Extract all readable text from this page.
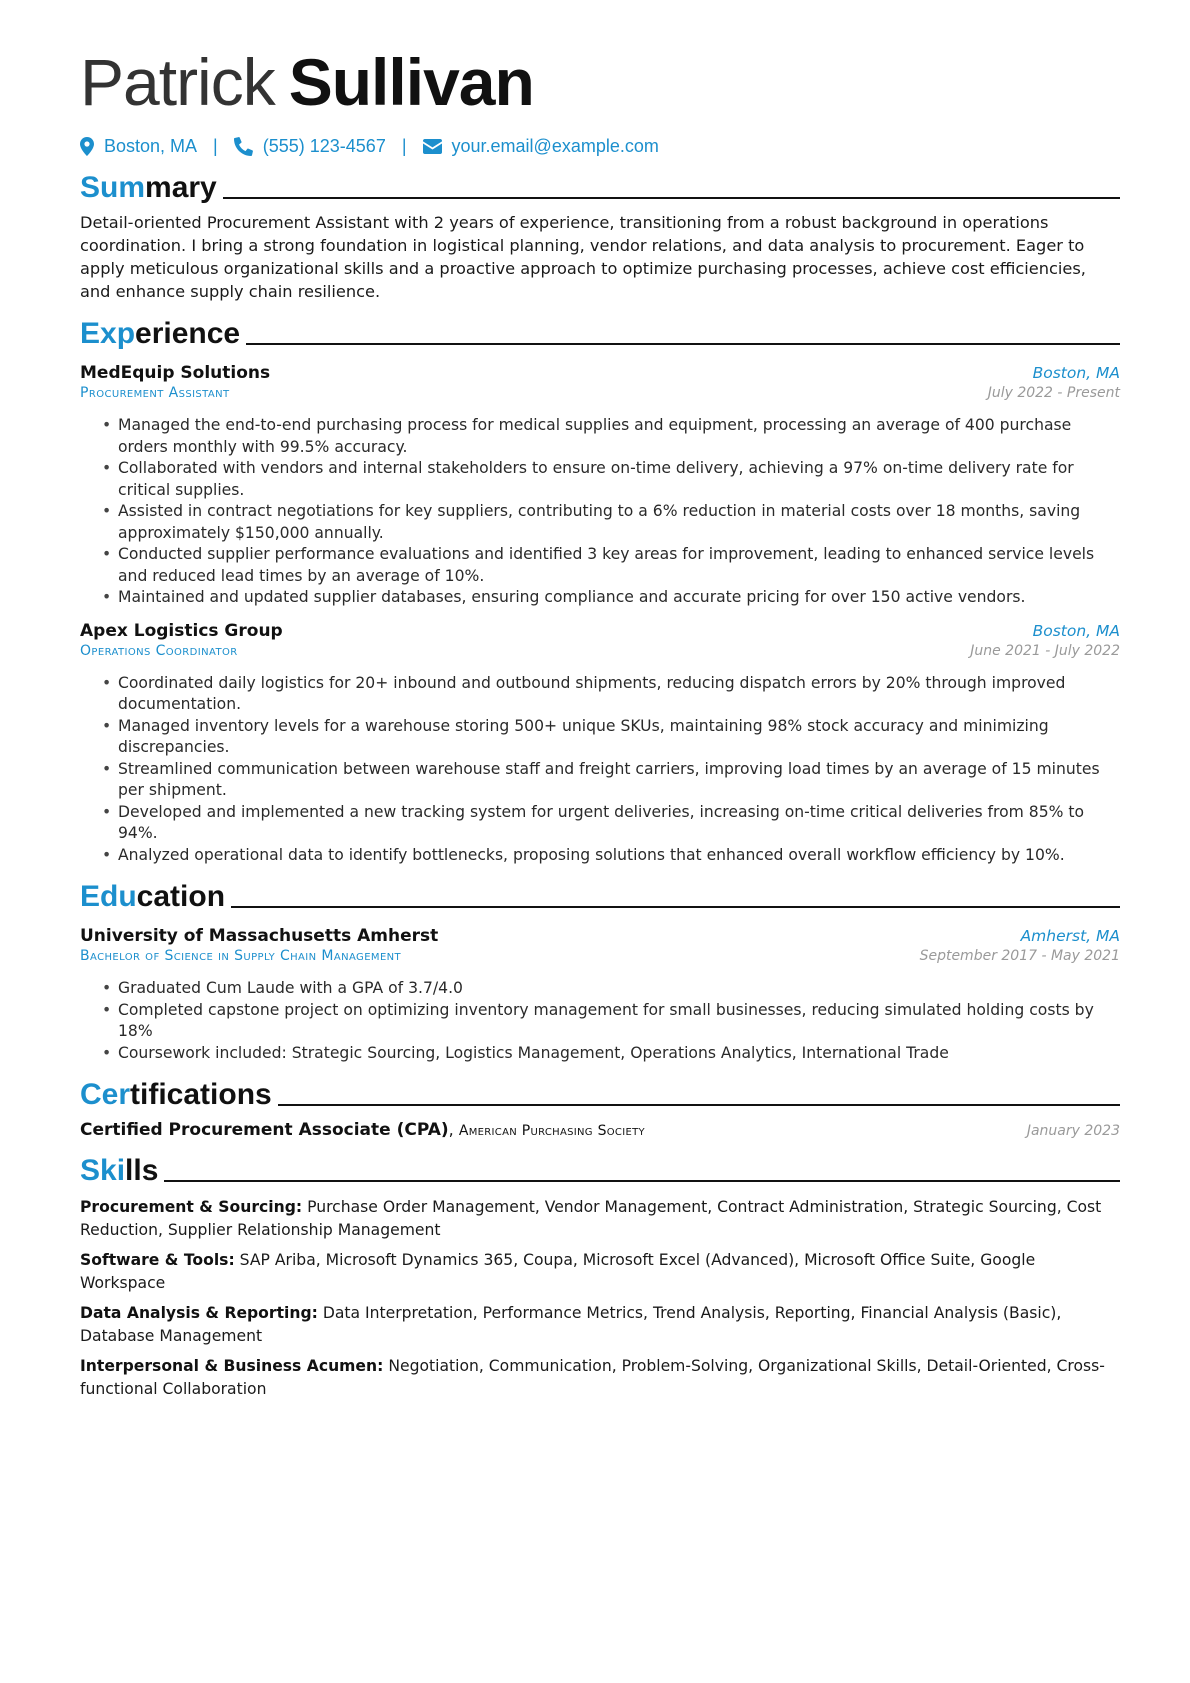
Patrick Sullivan
Boston, MA |	(555) 123-4567 |	your.email@example.com
Summary
Detail-oriented Procurement Assistant with 2 years of experience, transitioning from a robust background in operations coordination. I bring a strong foundation in logistical planning, vendor relations, and data analysis to procurement. Eager to apply meticulous organizational skills and a proactive approach to optimize purchasing processes, achieve cost efficiencies, and enhance supply chain resilience.
Experience
MedEquip Solutions	Boston, MA
Procurement Assistant	July 2022 - Present
• Managed the end-to-end purchasing process for medical supplies and equipment, processing an average of 400 purchase orders monthly with 99.5% accuracy.
• Collaborated with vendors and internal stakeholders to ensure on-time delivery, achieving a 97% on-time delivery rate for critical supplies.
• Assisted in contract negotiations for key suppliers, contributing to a 6% reduction in material costs over 18 months, saving approximately $150,000 annually.
• Conducted supplier performance evaluations and identified 3 key areas for improvement, leading to enhanced service levels and reduced lead times by an average of 10%.
• Maintained and updated supplier databases, ensuring compliance and accurate pricing for over 150 active vendors.
Apex Logistics Group	Boston, MA
Operations Coordinator	June 2021 - July 2022
• Coordinated daily logistics for 20+ inbound and outbound shipments, reducing dispatch errors by 20% through improved documentation.
• Managed inventory levels for a warehouse storing 500+ unique SKUs, maintaining 98% stock accuracy and minimizing discrepancies.
• Streamlined communication between warehouse staff and freight carriers, improving load times by an average of 15 minutes per shipment.
• Developed and implemented a new tracking system for urgent deliveries, increasing on-time critical deliveries from 85% to 94%.
• Analyzed operational data to identify bottlenecks, proposing solutions that enhanced overall workflow efficiency by 10%.
Education
University of Massachusetts Amherst	Amherst, MA
Bachelor of Science in Supply Chain Management	September 2017 - May 2021
• Graduated Cum Laude with a GPA of 3.7/4.0
• Completed capstone project on optimizing inventory management for small businesses, reducing simulated holding costs by 18%
• Coursework included: Strategic Sourcing, Logistics Management, Operations Analytics, International Trade
Certifications
Certified Procurement Associate (CPA), American Purchasing Society	January 2023
Skills
Procurement & Sourcing: Purchase Order Management, Vendor Management, Contract Administration, Strategic Sourcing, Cost Reduction, Supplier Relationship Management
Software & Tools: SAP Ariba, Microsoft Dynamics 365, Coupa, Microsoft Excel (Advanced), Microsoft Office Suite, Google Workspace
Data Analysis & Reporting: Data Interpretation, Performance Metrics, Trend Analysis, Reporting, Financial Analysis (Basic), Database Management
Interpersonal & Business Acumen: Negotiation, Communication, Problem-Solving, Organizational Skills, Detail-Oriented, Cross-functional Collaboration
